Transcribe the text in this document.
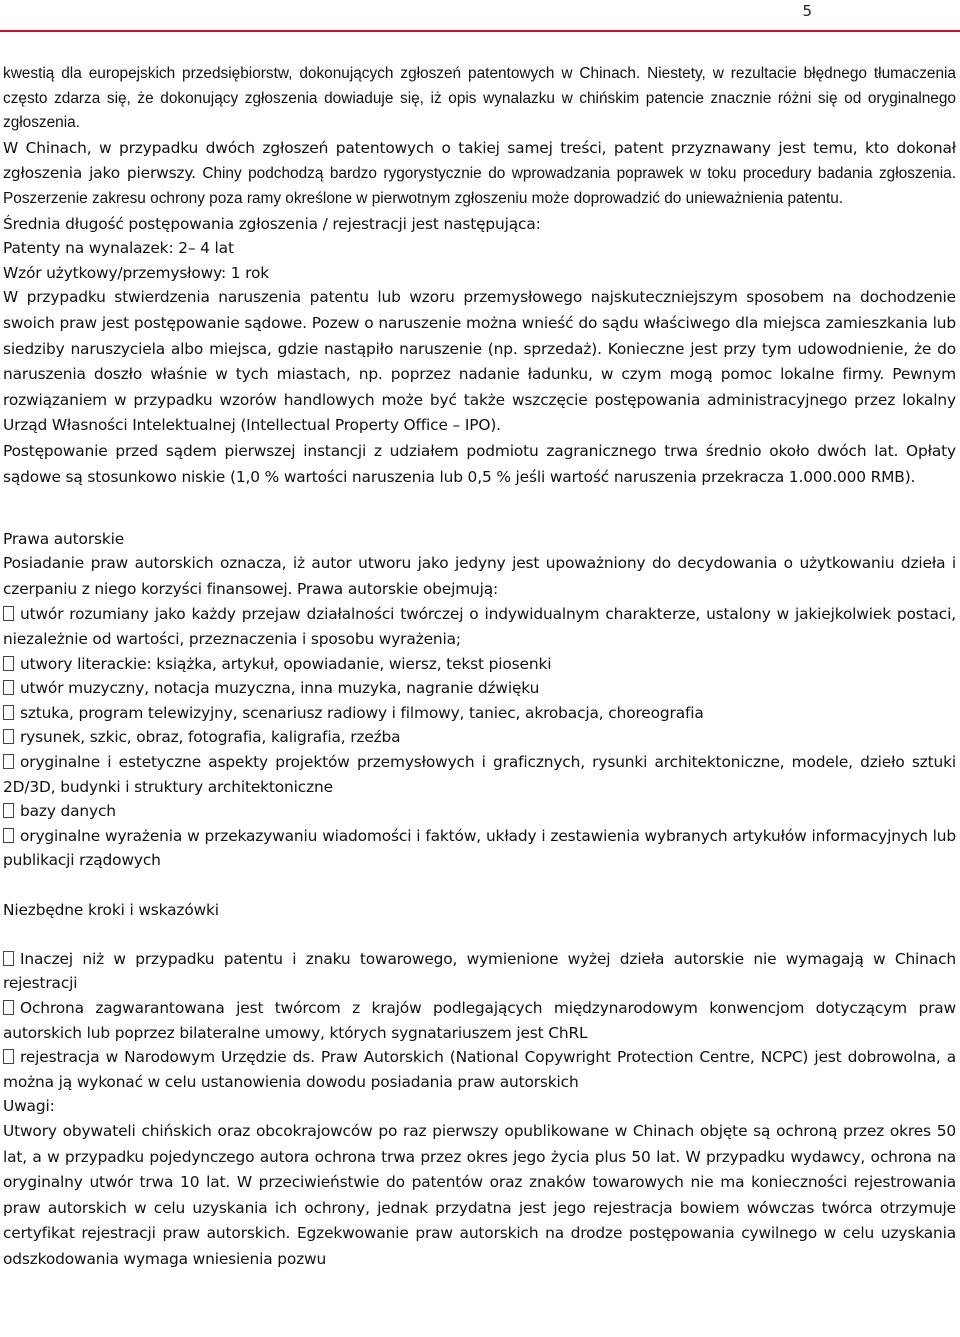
5

kwestią dla europejskich przedsiębiorstw, dokonujących zgłoszeń patentowych w Chinach. Niestety, w rezultacie błędnego tłumaczenia często zdarza się, że dokonujący zgłoszenia dowiaduje się, iż opis wynalazku w chińskim patencie znacznie różni się od oryginalnego zgłoszenia.

W Chinach, w przypadku dwóch zgłoszeń patentowych o takiej samej treści, patent przyznawany jest temu, kto dokonał zgłoszenia jako pierwszy. Chiny podchodzą bardzo rygorystycznie do wprowadzania poprawek w toku procedury badania zgłoszenia. Poszerzenie zakresu ochrony poza ramy określone w pierwotnym zgłoszeniu może doprowadzić do unieważnienia patentu.

Średnia długość postępowania zgłoszenia / rejestracji jest następująca:

Patenty na wynalazek: 2– 4 lat

Wzór użytkowy/przemysłowy: 1 rok

W przypadku stwierdzenia naruszenia patentu lub wzoru przemysłowego najskuteczniejszym sposobem na dochodzenie swoich praw jest postępowanie sądowe. Pozew o naruszenie można wnieść do sądu właściwego dla miejsca zamieszkania lub siedziby naruszyciela albo miejsca, gdzie nastąpiło naruszenie (np. sprzedaż). Konieczne jest przy tym udowodnienie, że do naruszenia doszło właśnie w tych miastach, np. poprzez nadanie ładunku, w czym mogą pomoc lokalne firmy. Pewnym rozwiązaniem w przypadku wzorów handlowych może być także wszczęcie postępowania administracyjnego przez lokalny Urząd Własności Intelektualnej (Intellectual Property Office – IPO).

Postępowanie przed sądem pierwszej instancji z udziałem podmiotu zagranicznego trwa średnio około dwóch lat. Opłaty sądowe są stosunkowo niskie (1,0 % wartości naruszenia lub 0,5 % jeśli wartość naruszenia przekracza 1.000.000 RMB).

Prawa autorskie

Posiadanie praw autorskich oznacza, iż autor utworu jako jedyny jest upoważniony do decydowania o użytkowaniu dzieła i czerpaniu z niego korzyści finansowej. Prawa autorskie obejmują:

utwór rozumiany jako każdy przejaw działalności twórczej o indywidualnym charakterze, ustalony w jakiejkolwiek postaci, niezależnie od wartości, przeznaczenia i sposobu wyrażenia;
utwory literackie: książka, artykuł, opowiadanie, wiersz, tekst piosenki
utwór muzyczny, notacja muzyczna, inna muzyka, nagranie dźwięku
sztuka, program telewizyjny, scenariusz radiowy i filmowy, taniec, akrobacja, choreografia
rysunek, szkic, obraz, fotografia, kaligrafia, rzeźba
oryginalne i estetyczne aspekty projektów przemysłowych i graficznych, rysunki architektoniczne, modele, dzieło sztuki 2D/3D, budynki i struktury architektoniczne
bazy danych
oryginalne wyrażenia w przekazywaniu wiadomości i faktów, układy i zestawienia wybranych artykułów informacyjnych lub publikacji rządowych

Niezbędne kroki i wskazówki

Inaczej niż w przypadku patentu i znaku towarowego, wymienione wyżej dzieła autorskie nie wymagają w Chinach rejestracji
Ochrona zagwarantowana jest twórcom z krajów podlegających międzynarodowym konwencjom dotyczącym praw autorskich lub poprzez bilateralne umowy, których sygnatariuszem jest ChRL
rejestracja w Narodowym Urzędzie ds. Praw Autorskich (National Copywright Protection Centre, NCPC) jest dobrowolna, a można ją wykonać w celu ustanowienia dowodu posiadania praw autorskich

Uwagi:

Utwory obywateli chińskich oraz obcokrajowców po raz pierwszy opublikowane w Chinach objęte są ochroną przez okres 50 lat, a w przypadku pojedynczego autora ochrona trwa przez okres jego życia plus 50 lat. W przypadku wydawcy, ochrona na oryginalny utwór trwa 10 lat. W przeciwieństwie do patentów oraz znaków towarowych nie ma konieczności rejestrowania praw autorskich w celu uzyskania ich ochrony, jednak przydatna jest jego rejestracja bowiem wówczas twórca otrzymuje certyfikat rejestracji praw autorskich. Egzekwowanie praw autorskich na drodze postępowania cywilnego w celu uzyskania odszkodowania wymaga wniesienia pozwu
